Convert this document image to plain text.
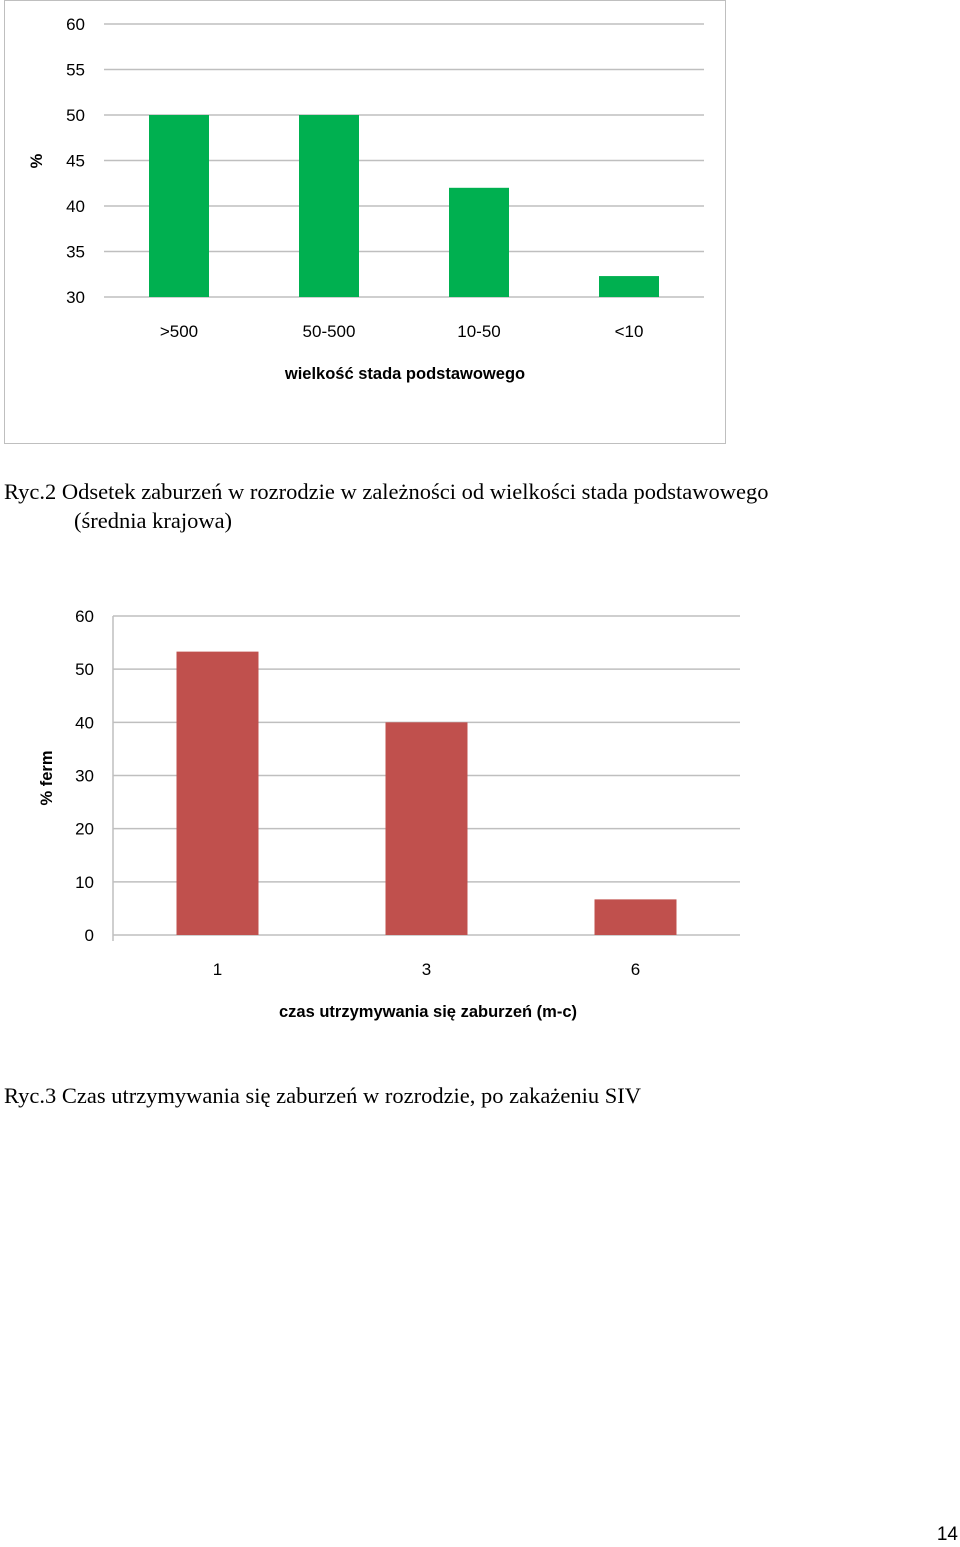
30
35
40
45
50
55
60
>500	50-500	10-50	<10
wielkość stada podstawowego
%
Ryc.2 Odsetek zaburzeń w rozrodzie w zależności od wielkości stada podstawowego
(średnia krajowa)
0
10
20
30
40
50
60
1	3	6
czas utrzymywania się zaburzeń (m-c)
% ferm
Ryc.3 Czas utrzymywania się zaburzeń w rozrodzie, po zakażeniu SIV
14
